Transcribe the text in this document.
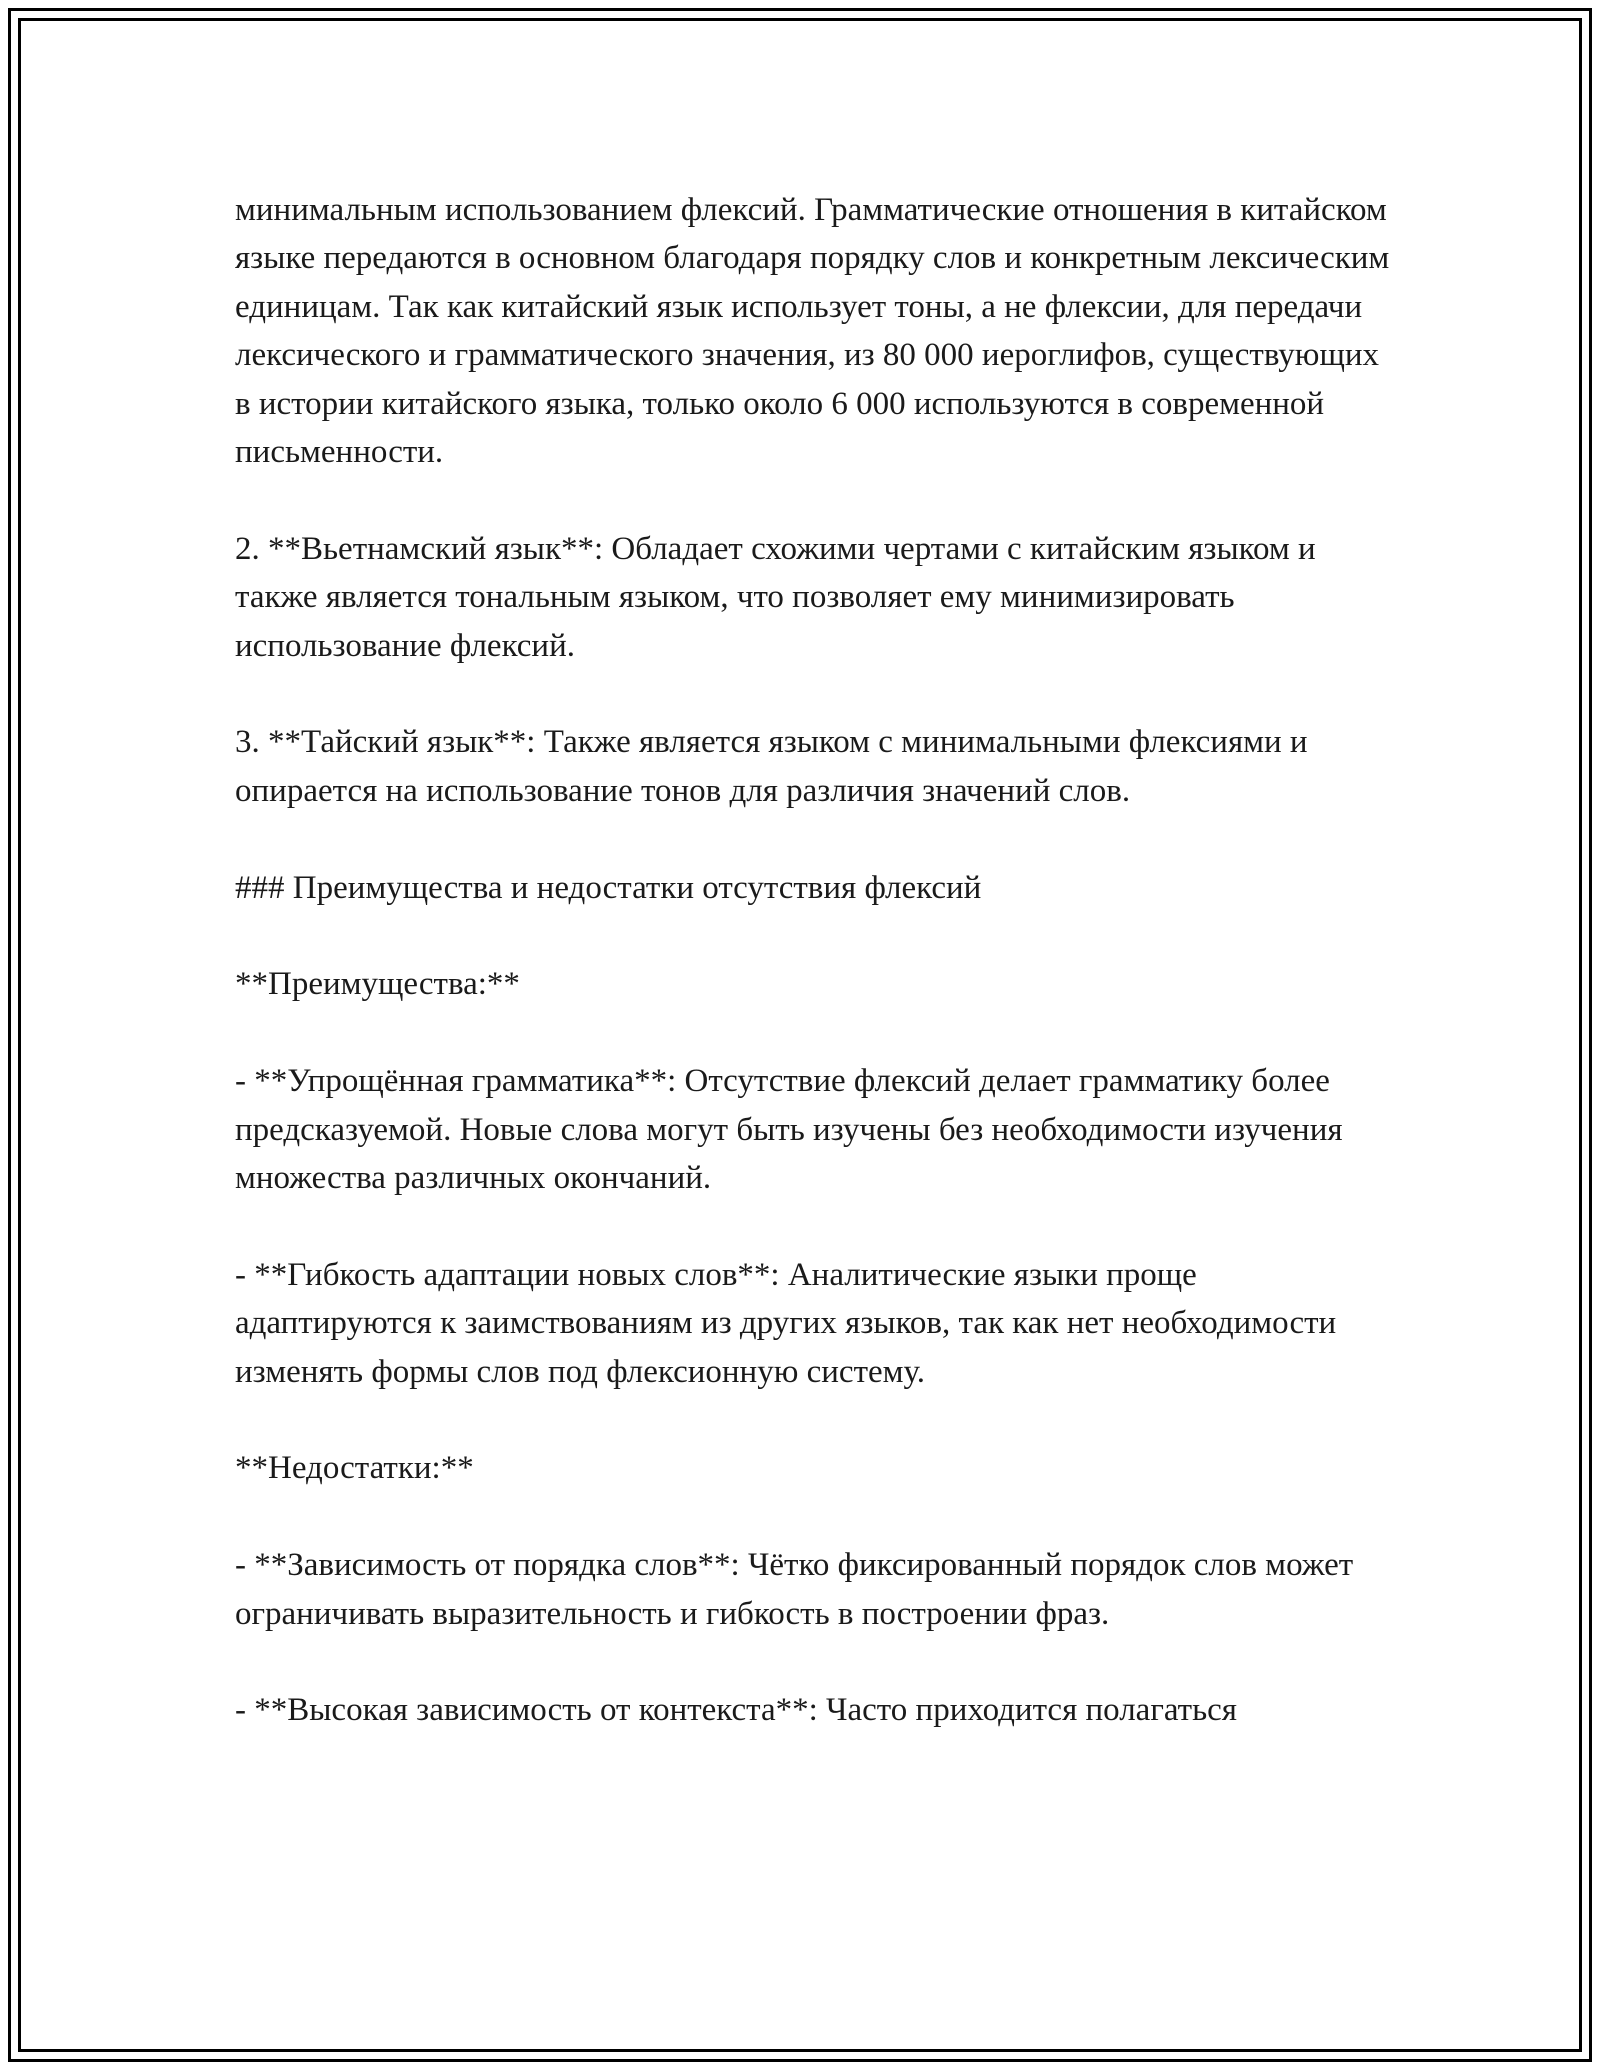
минимальным использованием флексий. Грамматические отношения в китайском языке передаются в основном благодаря порядку слов и конкретным лексическим единицам. Так как китайский язык использует тоны, а не флексии, для передачи лексического и грамматического значения, из 80 000 иероглифов, существующих в истории китайского языка, только около 6 000 используются в современной письменности.

2. **Вьетнамский язык**: Обладает схожими чертами с китайским языком и также является тональным языком, что позволяет ему минимизировать использование флексий.

3. **Тайский язык**: Также является языком с минимальными флексиями и опирается на использование тонов для различия значений слов.

### Преимущества и недостатки отсутствия флексий

**Преимущества:**

- **Упрощённая грамматика**: Отсутствие флексий делает грамматику более предсказуемой. Новые слова могут быть изучены без необходимости изучения множества различных окончаний.

- **Гибкость адаптации новых слов**: Аналитические языки проще адаптируются к заимствованиям из других языков, так как нет необходимости изменять формы слов под флексионную систему.

**Недостатки:**

- **Зависимость от порядка слов**: Чётко фиксированный порядок слов может ограничивать выразительность и гибкость в построении фраз.

- **Высокая зависимость от контекста**: Часто приходится полагаться
